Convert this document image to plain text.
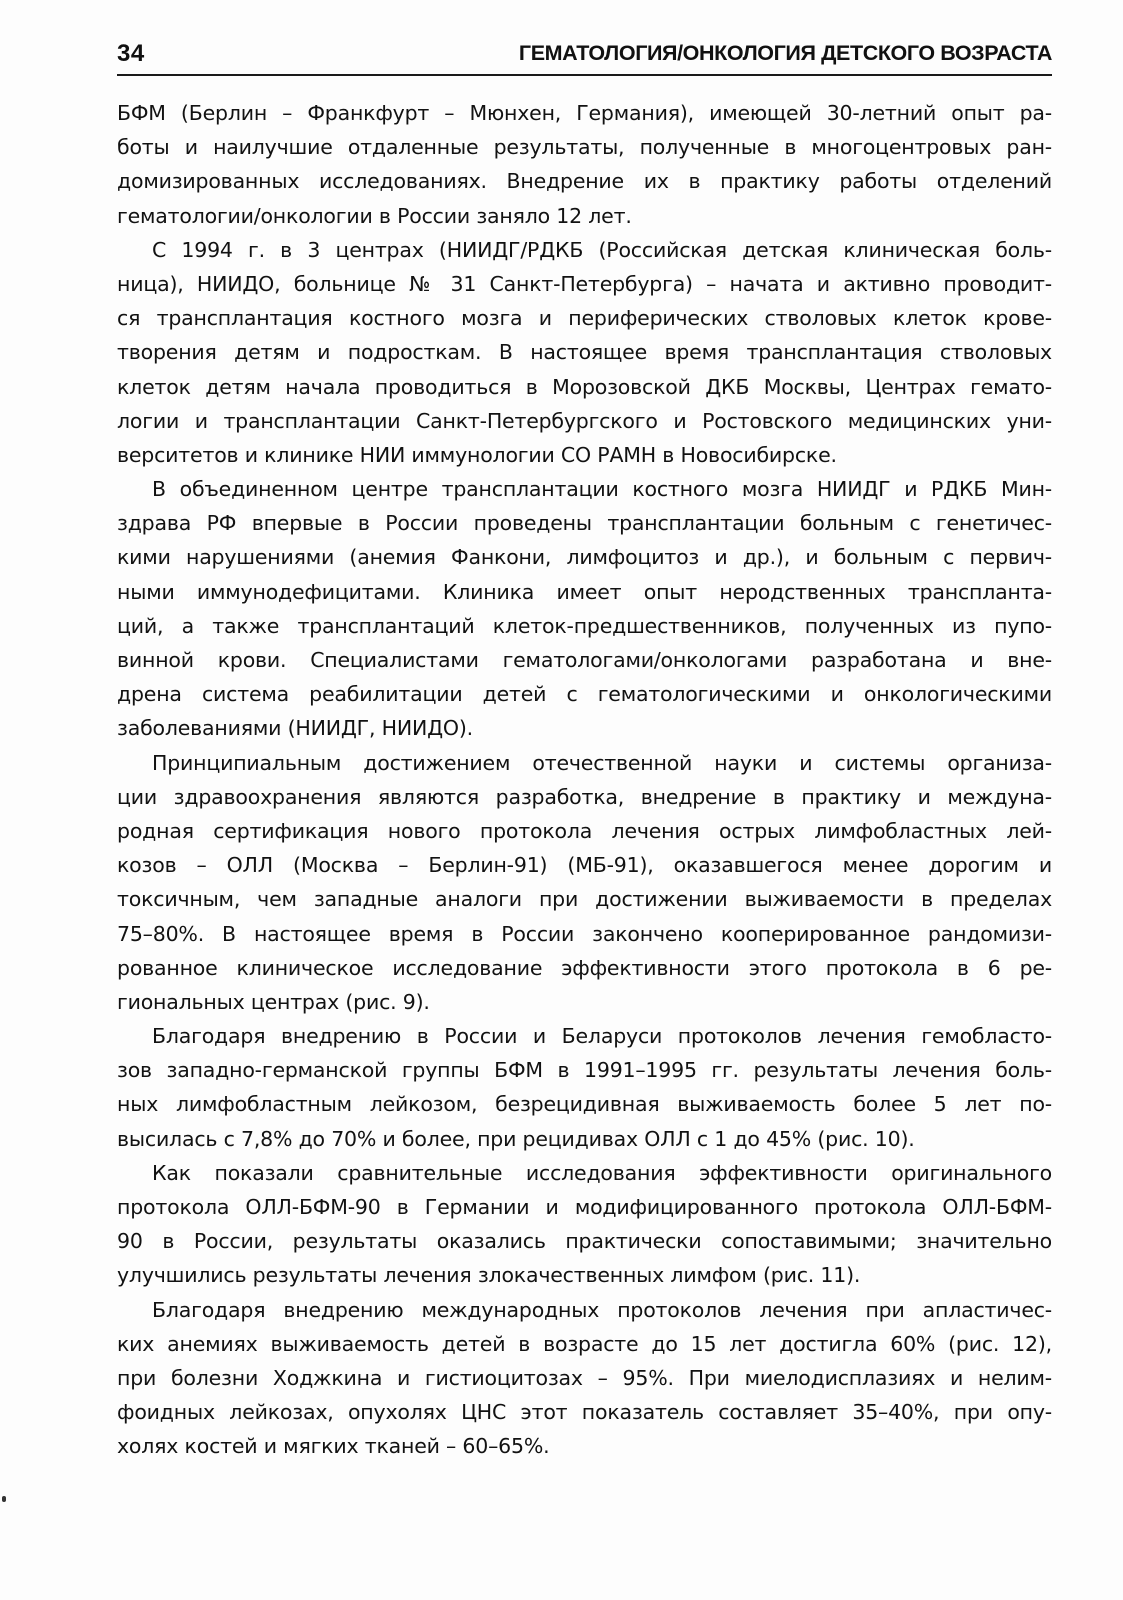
34	ГЕМАТОЛОГИЯ/ОНКОЛОГИЯ ДЕТСКОГО ВОЗРАСТА
БФМ (Берлин – Франкфурт – Мюнхен, Германия), имеющей 30-летний опыт ра-
боты и наилучшие отдаленные результаты, полученные в многоцентровых ран-
домизированных исследованиях. Внедрение их в практику работы отделений
гематологии/онкологии в России заняло 12 лет.
С 1994 г. в 3 центрах (НИИДГ/РДКБ (Российская детская клиническая боль-
ница), НИИДО, больнице № 31 Санкт-Петербурга) – начата и активно проводит-
ся трансплантация костного мозга и периферических стволовых клеток крове-
творения детям и подросткам. В настоящее время трансплантация стволовых
клеток детям начала проводиться в Морозовской ДКБ Москвы, Центрах гемато-
логии и трансплантации Санкт-Петербургского и Ростовского медицинских уни-
верситетов и клинике НИИ иммунологии СО РАМН в Новосибирске.
В объединенном центре трансплантации костного мозга НИИДГ и РДКБ Мин-
здрава РФ впервые в России проведены трансплантации больным с генетичес-
кими нарушениями (анемия Фанкони, лимфоцитоз и др.), и больным с первич-
ными иммунодефицитами. Клиника имеет опыт неродственных транспланта-
ций, а также трансплантаций клеток-предшественников, полученных из пупо-
винной крови. Специалистами гематологами/онкологами разработана и вне-
дрена система реабилитации детей с гематологическими и онкологическими
заболеваниями (НИИДГ, НИИДО).
Принципиальным достижением отечественной науки и системы организа-
ции здравоохранения являются разработка, внедрение в практику и междуна-
родная сертификация нового протокола лечения острых лимфобластных лей-
козов – ОЛЛ (Москва – Берлин-91) (МБ-91), оказавшегося менее дорогим и
токсичным, чем западные аналоги при достижении выживаемости в пределах
75–80%. В настоящее время в России закончено кооперированное рандомизи-
рованное клиническое исследование эффективности этого протокола в 6 ре-
гиональных центрах (рис. 9).
Благодаря внедрению в России и Беларуси протоколов лечения гемобласто-
зов западно-германской группы БФМ в 1991–1995 гг. результаты лечения боль-
ных лимфобластным лейкозом, безрецидивная выживаемость более 5 лет по-
высилась с 7,8% до 70% и более, при рецидивах ОЛЛ с 1 до 45% (рис. 10).
Как показали сравнительные исследования эффективности оригинального
протокола ОЛЛ-БФМ-90 в Германии и модифицированного протокола ОЛЛ-БФМ-
90 в России, результаты оказались практически сопоставимыми; значительно
улучшились результаты лечения злокачественных лимфом (рис. 11).
Благодаря внедрению международных протоколов лечения при апластичес-
ких анемиях выживаемость детей в возрасте до 15 лет достигла 60% (рис. 12),
при болезни Ходжкина и гистиоцитозах – 95%. При миелодисплазиях и нелим-
фоидных лейкозах, опухолях ЦНС этот показатель составляет 35–40%, при опу-
холях костей и мягких тканей – 60–65%.
